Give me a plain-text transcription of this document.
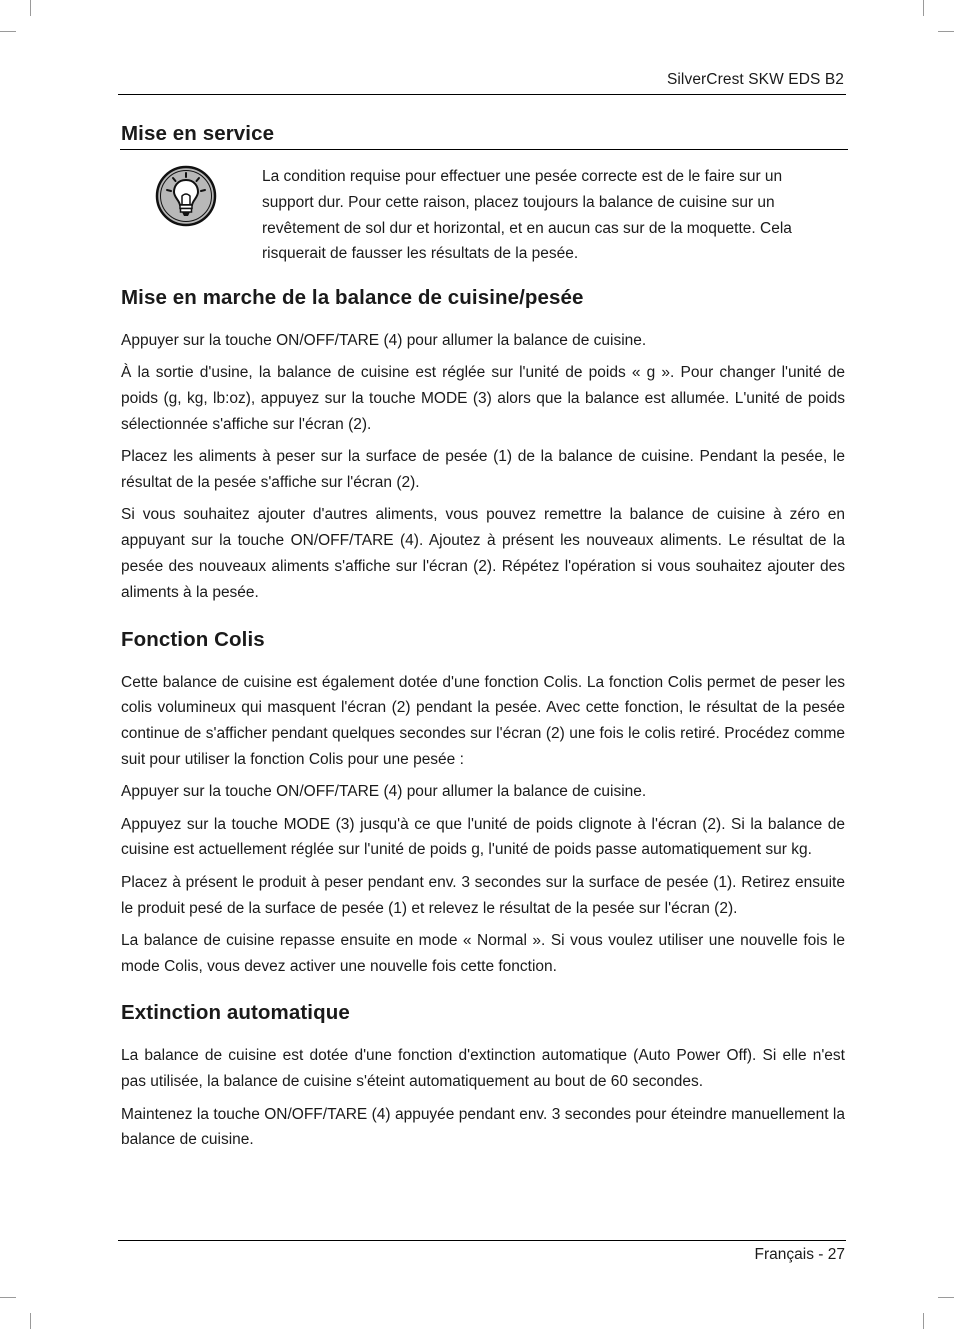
SilverCrest SKW EDS B2
Mise en service

La condition requise pour effectuer une pesée correcte est de le faire sur un support dur. Pour cette raison, placez toujours la balance de cuisine sur un revêtement de sol dur et horizontal, et en aucun cas sur de la moquette. Cela risquerait de fausser les résultats de la pesée.

Mise en marche de la balance de cuisine/pesée

Appuyer sur la touche ON/OFF/TARE (4) pour allumer la balance de cuisine.

À la sortie d'usine, la balance de cuisine est réglée sur l'unité de poids « g ». Pour changer l'unité de poids (g, kg, lb:oz), appuyez sur la touche MODE (3) alors que la balance est allumée. L'unité de poids sélectionnée s'affiche sur l'écran (2).

Placez les aliments à peser sur la surface de pesée (1) de la balance de cuisine. Pendant la pesée, le résultat de la pesée s'affiche sur l'écran (2).

Si vous souhaitez ajouter d'autres aliments, vous pouvez remettre la balance de cuisine à zéro en appuyant sur la touche ON/OFF/TARE (4). Ajoutez à présent les nouveaux aliments. Le résultat de la pesée des nouveaux aliments s'affiche sur l'écran (2). Répétez l'opération si vous souhaitez ajouter des aliments à la pesée.

Fonction Colis

Cette balance de cuisine est également dotée d'une fonction Colis. La fonction Colis permet de peser les colis volumineux qui masquent l'écran (2) pendant la pesée. Avec cette fonction, le résultat de la pesée continue de s'afficher pendant quelques secondes sur l'écran (2) une fois le colis retiré. Procédez comme suit pour utiliser la fonction Colis pour une pesée :

Appuyer sur la touche ON/OFF/TARE (4) pour allumer la balance de cuisine.

Appuyez sur la touche MODE (3) jusqu'à ce que l'unité de poids clignote à l'écran (2). Si la balance de cuisine est actuellement réglée sur l'unité de poids g, l'unité de poids passe automatiquement sur kg.

Placez à présent le produit à peser pendant env. 3 secondes sur la surface de pesée (1). Retirez ensuite le produit pesé de la surface de pesée (1) et relevez le résultat de la pesée sur l'écran (2).

La balance de cuisine repasse ensuite en mode « Normal ». Si vous voulez utiliser une nouvelle fois le mode Colis, vous devez activer une nouvelle fois cette fonction.

Extinction automatique

La balance de cuisine est dotée d'une fonction d'extinction automatique (Auto Power Off). Si elle n'est pas utilisée, la balance de cuisine s'éteint automatiquement au bout de 60 secondes.

Maintenez la touche ON/OFF/TARE (4) appuyée pendant env. 3 secondes pour éteindre manuellement la balance de cuisine.

Français - 27
